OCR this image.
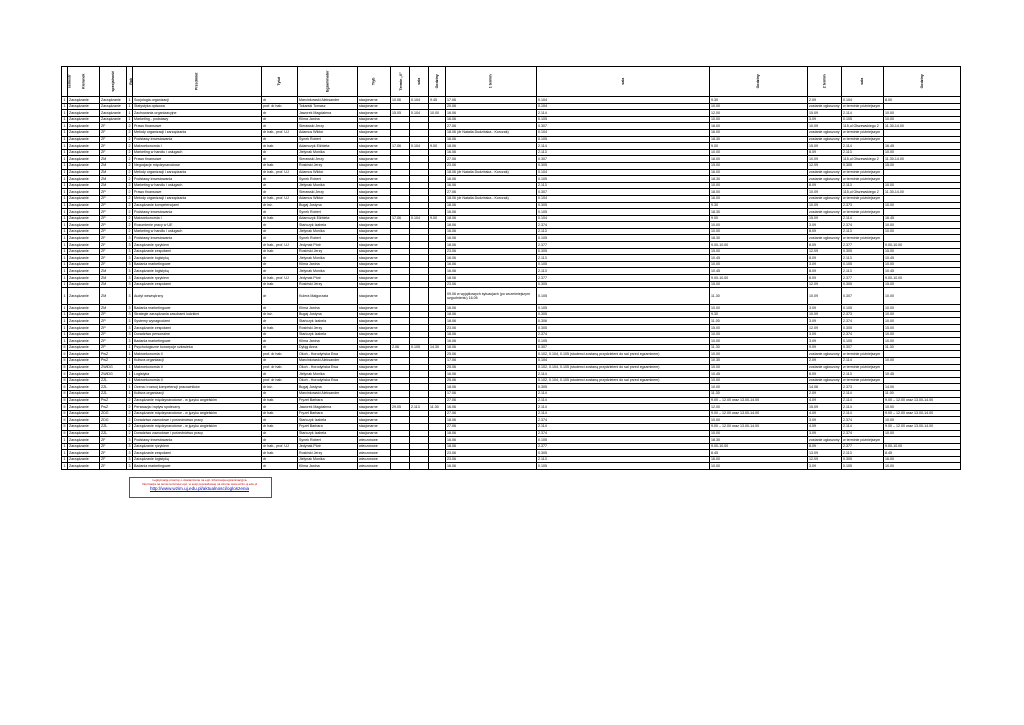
semestr	Kierunek	specjalność	Rok	Przedmiot	Tytuł	Egzaminator	Tryb	Termin „0”	sala	Godziny	1 termin	sala		Godziny	2 termin	sala	Godziny
1	Zarządzanie	Zarządzanie	1	Socjologia organizacji	dr	Marcinkowski Aleksander	stacjonarne	10.06	0.104	9.45	17.06	0.104		9.30	2.09	0.104	8.00
1	Zarządzanie	Zarządzanie	1	Statystyka opisowa	prof. dr hab.	Tokarski Tomasz	stacjonarne				20.06	0.104		10.00	zostanie ogłoszony	w terminie późniejszym	
1	Zarządzanie	Zarządzanie	1	Zachowania organizacyjne	dr	Jaworek Magdalena	stacjonarne	15.05	0.104	10.00	16.06	2.114		12.00	15.09	2.114	10.00
1	Zarządzanie	Zarządzanie	1	Marketing - podstawy	dr	Klima Janina	stacjonarne				16.06	0.105		10.00	3.09	0.105	10.00
1	Zarządzanie	ZF	2	Prawo finansowe	dr	Sierawski Jerzy	stacjonarne				27.06	0.307		18.00	10.09	115,ul Olszewskiego 2	11.30-14.00
1	Zarządzanie	ZF	2	Metody organizacji i zarządzania	dr hab., prof. UJ	Adamus Wiktor	stacjonarne				18.06 (dr Natalia Dudzińska - Korczak)	0.104		16.00	zostanie ogłoszony	w terminie późniejszym	
1	Zarządzanie	ZF	2	Podstawy inwestowania	dr	Synek Robert	stacjonarne				16.06	0.105		18.30	zostanie ogłoszony	w terminie późniejszym	
1	Zarządzanie	ZF	2	Makroekonomia I	dr hab.	Adamczyk Elżbieta	stacjonarne	17.06	0.104	9.00	18.06	2.114		9.00	15.09	2.114	16.45
1	Zarządzanie	ZF	2	Marketing w handlu i usługach	dr	Jielynak Monika	stacjonarne				16.06	2.113		10.00	8.09	2.113	10.00
1	Zarządzanie	ZM	2	Prawo finansowe	dr	Sierawski Jerzy	stacjonarne				27.06	0.307		18.00	10.09	115,ul Olszewskiego 2	11.30-14.00
1	Zarządzanie	ZM	2	Negocjacje międzynarodowe	dr hab.	Rosiński Jerzy	stacjonarne				23.06	0.305		15.00	12.09	0.305	15.00
1	Zarządzanie	ZM	2	Metody organizacji i zarządzania	dr hab., prof. UJ	Adamus Wiktor	stacjonarne				18.06 (dr Natalia Dudzińska - Korczak)	0.104		16.00	zostanie ogłoszony	w terminie późniejszym	
1	Zarządzanie	ZM	2	Podstawy inwestowania	dr	Synek Robert	stacjonarne				16.06	0.105		18.30	zostanie ogłoszony	w terminie późniejszym	
1	Zarządzanie	ZM	2	Marketing w handlu i usługach	dr	Jielynak Monika	stacjonarne				16.06	2.113		10.00	8.09	2.113	10.00
1	Zarządzanie	ZP	2	Prawo finansowe	dr	Sierawski Jerzy	stacjonarne				27.06	0.307		18.00	10.09	115,ul Olszewskiego 2	11.30-14.00
1	Zarządzanie	ZP	2	Metody organizacji i zarządzania	dr hab., prof. UJ	Adamus Wiktor	stacjonarne				18.06 (dr Natalia Dudzińska - Korczak)	0.104		16.00	zostanie ogłoszony	w terminie późniejszym	
1	Zarządzanie	ZP	2	Zarządzanie kompetencjami	dr inż.	Bugaj Justyna	stacjonarne				18.06	0.305		9.30	10.09	2.373	10.00
1	Zarządzanie	ZP	2	Podstawy inwestowania	dr	Synek Robert	stacjonarne				16.06	0.105		18.30	zostanie ogłoszony	w terminie późniejszym	
1	Zarządzanie	ZP	2	Makroekonomia I	dr hab.	Adamczyk Elżbieta	stacjonarne	17.06	0.104	9.00	18.06	0.104		9.00	15.09	2.114	16.45
1	Zarządzanie	ZP	2	Rozumienie pracy w UE	dr	Stańczyk Izabela	stacjonarne				18.06	2.374		10.00	3.09	2.374	10.00
1	Zarządzanie	ZP	2	Marketing w handlu i usługach	dr	Jielynak Monika	stacjonarne				16.06	2.113		10.00	8.09	2.113	10.00
1	Zarządzanie	ZF	3	Podstawy inwestowania	dr	Synek Robert	stacjonarne				16.06	0.105		18.30	zostanie ogłoszony	w terminie późniejszym	
1	Zarządzanie	ZF	3	Zarządzanie ryzykiem	dr hab., prof. UJ	Jedynak Piotr	stacjonarne				18.06	2.377		9.00-10.00	8.09	2.377	9.00-10.00
1	Zarządzanie	ZF	3	Zarządzanie zespołami	dr hab.	Rosiński Jerzy	stacjonarne				23.06	0.305		15.00	12.09	0.305	15.00
1	Zarządzanie	ZF	3	Zarządzanie logistyką	dr	Jielynak Monika	stacjonarne				16.06	2.113		10.45	8.09	2.113	10.45
1	Zarządzanie	ZF	3	Badania marketingowe	dr	Klima Janina	stacjonarne				16.06	0.105		10.00	3.09	0.105	10.00
1	Zarządzanie	ZM	3	Zarządzanie logistyką	dr	Jielynak Monika	stacjonarne				16.06	2.113		10.45	8.09	2.113	10.45
1	Zarządzanie	ZM	3	Zarządzanie ryzykiem	dr hab., prof. UJ	Jedynak Piotr	stacjonarne				18.06	2.377		9.00-10.00	8.09	2.377	9.00-10.00
1	Zarządzanie	ZM	3	Zarządzanie zespołami	dr hab.	Rosiński Jerzy	stacjonarne				23.06	0.305		15.00	12.09	0.305	15.00
1	Zarządzanie	ZM	3	Audyt wewnętrzny	dr	Kulera Małgorzata	stacjonarne				09.06 w wyjątkowych sytuacjach (po wcześniejszym uzgodnieniu) 16.06	0.105		11.30	10.09	0.307	10.00
1	Zarządzanie	ZM	3	Badania marketingowe	dr	Klima Janina	stacjonarne				16.06	0.105		10.00	3.09	0.105	10.00
1	Zarządzanie	ZP	3	Strategie zarządzania zasobami ludzkimi	dr inż.	Bugaj Justyna	stacjonarne				18.06	0.305		9.30	10.09	2.373	10.00
1	Zarządzanie	ZP	3	Systemy wynagrodzeń	dr	Stańczyk Izabela	stacjonarne				18.06	0.306		11.00	3.09	2.374	10.00
1	Zarządzanie	ZP	3	Zarządzanie zespołami	dr hab.	Rosiński Jerzy	stacjonarne				23.06	0.305		15.00	12.09	0.305	15.00
1	Zarządzanie	ZP	3	Doradztwo personalne	dr	Stańczyk Izabela	stacjonarne				18.06	2.374		10.00	3.09	2.374	10.00
1	Zarządzanie	ZP	3	Badania marketingowe	dr	Klima Janina	stacjonarne				16.06	0.105		10.00	3.09	0.105	10.00
II	Zarządzanie	ZP	1	Psychologiczne koncepcje człowieka	dr	Dyląg Anna	stacjonarne	2.06	0.105	14.30	16.06	0.307		11.30	9.09	0.307	11.30
II	Zarządzanie	PwZ	1	Makroekonomia II	prof. dr hab.	Okoń - Horodyńska Ewa	stacjonarne				25.06	0.102, 0.104, 0.105 (studenci zostaną przydzieleni do sal przed egzaminem)		10.00	zostanie ogłoszony	w terminie późniejszym	
II	Zarządzanie	PwZ	1	Kultura organizacji	dr	Marcinkowski Aleksander	stacjonarne				17.06	0.104		10.30	2.09	2.114	10.00
II	Zarządzanie	ZWiDG	1	Makroekonomia II	prof. dr hab.	Okoń - Horodyńska Ewa	stacjonarne				25.06	0.102, 0.104, 0.105 (studenci zostaną przydzieleni do sal przed egzaminem)		10.00	zostanie ogłoszony	w terminie późniejszym	
II	Zarządzanie	ZWiDG	1	Logistyka	dr	Jielynak Monika	stacjonarne				16.06	2.114		10.45	8.09	2.113	10.45
II	Zarządzanie	ZZL	1	Makroekonomia II	prof. dr hab.	Okoń - Horodyńska Ewa	stacjonarne				25.06	0.102, 0.104, 0.105 (studenci zostaną przydzieleni do sal przed egzaminem)		10.00	zostanie ogłoszony	w terminie późniejszym	
II	Zarządzanie	ZZL	1	Ocena i rozwój kompetencji pracowników	dr inż.	Bugaj Justyna	stacjonarne				18.06	0.305		10.00	14.06	2.373	14.00
II	Zarządzanie	ZZL	1	Kultura organizacji	dr	Marcinkowski Aleksander	stacjonarne				17.06	2.114		11.30	2.09	2.114	11.00
II	Zarządzanie	PwZ	2	Zarządzanie międzynarodowe - w języku angielskim	dr hab.	Fryzeł Barbara	stacjonarne				27.06	2.114		9.00 – 12.00 oraz 13.00-14.00	4.09	2.114	9.00 – 12.00 oraz 13.00-14.00
II	Zarządzanie	PwZ	2	Perswazja i wpływ społeczny	dr	Jaworek Magdalena	stacjonarne	29.05	2.113	11.30	16.06	2.114		12.00	15.09	2.114	10.00
II	Zarządzanie	ZDG	2	Zarządzanie międzynarodowe - w języku angielskim	dr hab.	Fryzeł Barbara	stacjonarne				27.06	2.114		9.00 – 12.00 oraz 13.00-14.00	4.09	2.114	9.00 – 12.00 oraz 13.00-14.00
II	Zarządzanie	ZDG	2	Doradztwo zawodowe i pośrednictwo pracy	dr	Stańczyk Izabela	stacjonarne				18.06	2.374		10.00	3.09	2.374	10.00
II	Zarządzanie	ZZL	2	Zarządzanie międzynarodowe - w języku angielskim	dr hab.	Fryzeł Barbara	stacjonarne				27.06	2.114		9.00 – 12.00 oraz 13.00-14.00	4.09	2.114	9.00 – 12.00 oraz 13.00-14.00
II	Zarządzanie	ZZL	2	Doradztwo zawodowe i pośrednictwo pracy	dr	Stańczyk Izabela	stacjonarne				18.06	2.374		10.00	3.09	2.374	10.00
1	Zarządzanie	ZF	3	Podstawy inwestowania	dr	Synek Robert	wieczorowe				16.06	0.105		18.30	zostanie ogłoszony	w terminie późniejszym	
1	Zarządzanie	ZF	3	Zarządzanie ryzykiem	dr hab., prof. UJ	Jedynak Piotr	wieczorowe				18.06	2.377		9.00-10.00	8.09	2.377	9.00-10.00
1	Zarządzanie	ZF	3	Zarządzanie zespołami	dr hab.	Rosiński Jerzy	wieczorowe				23.06	0.305		8.45	13.09	2.113	8.45
1	Zarządzanie	ZF	3	Zarządzanie logistyką	dr	Jielynak Monika	wieczorowe				23.06	2.113		16.00	12.09	0.305	16.00
1	Zarządzanie	ZF	3	Badania marketingowe	dr	Klima Janina	wieczorowe				16.06	0.105		10.00	3.09	0.105	10.00
Legitymację prosimy o dostarczenie na egz. Informacja egzaminacyjna
Informacja na temat terminów egz. w sesji poprawkowej na stronie www.wzim.uj.edu.pl
http://www.wzim.uj.edu.pl/aktualnosci/ogloszenia
